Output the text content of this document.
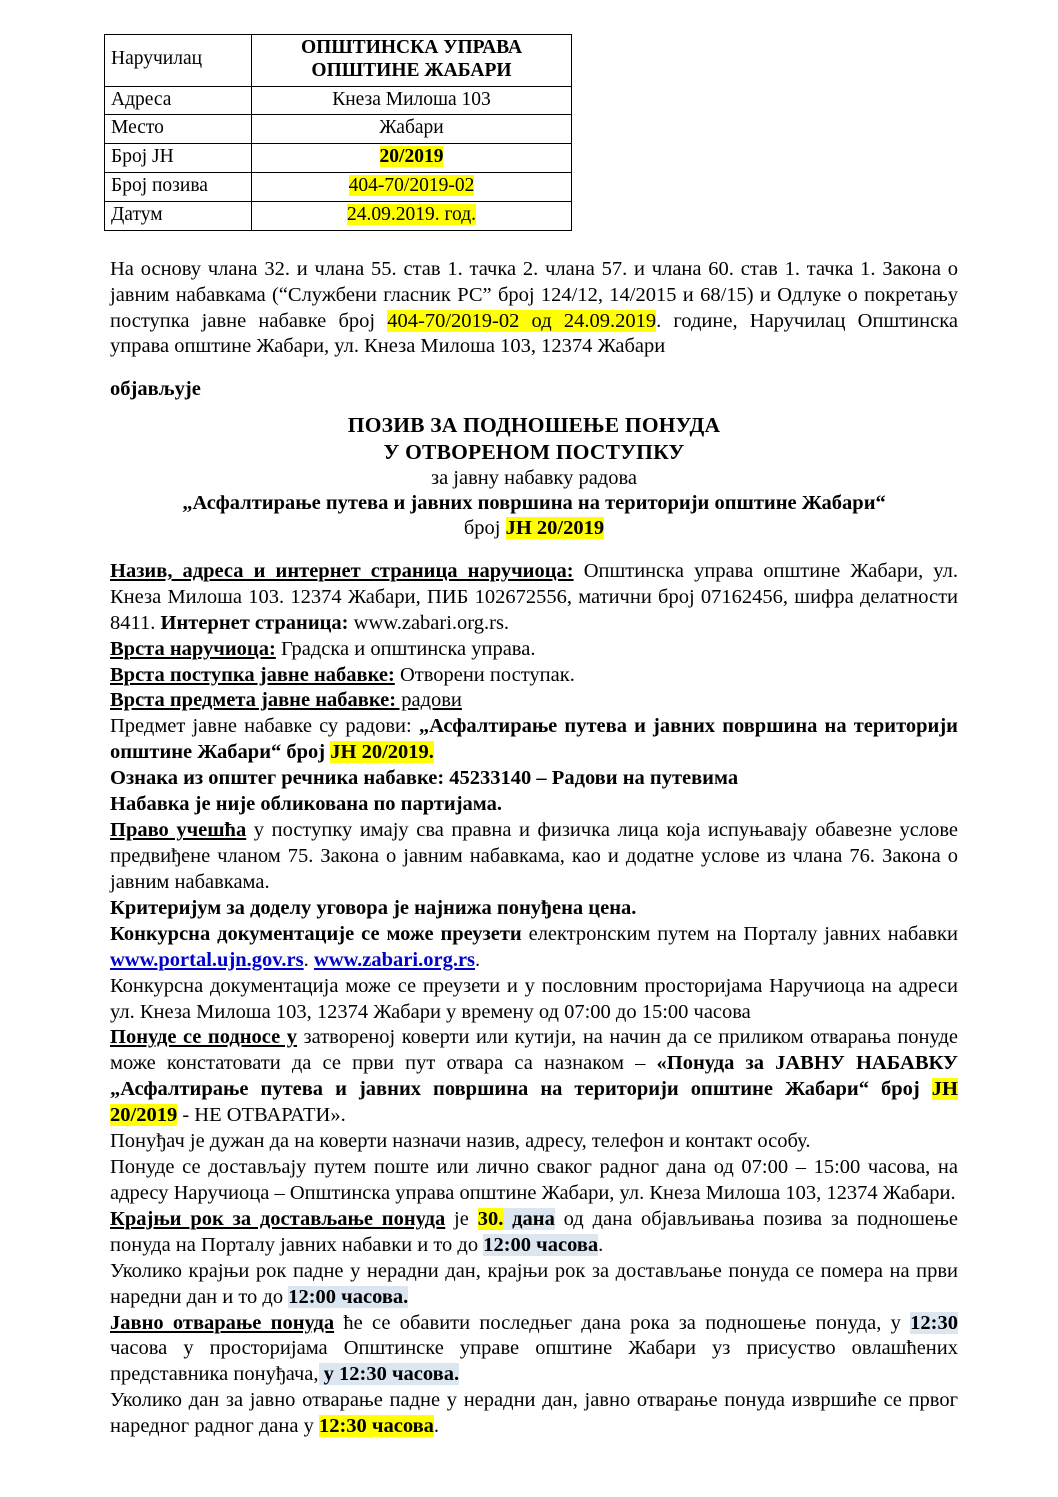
Наручилац	ОПШТИНСКА УПРАВА
ОПШТИНЕ ЖАБАРИ
Адреса	Кнеза Милоша 103
Место	Жабари
Број ЈН	20/2019
Број позива	404-70/2019-02
Датум	24.09.2019. год.

На основу члана 32. и члана 55. став 1. тачка 2. члана 57. и члана 60. став 1. тачка 1. Закона о јавним набавкама (“Службени гласник РС” број 124/12, 14/2015 и 68/15) и Одлуке о покретању поступка јавне набавке број 404-70/2019-02 од 24.09.2019. године, Наручилац Општинска управа општине Жабари, ул. Кнеза Милоша 103, 12374 Жабари

објављује

ПОЗИВ ЗА ПОДНОШЕЊЕ ПОНУДА
У ОТВОРЕНОМ ПОСТУПКУ
за јавну набавку радова
„Асфалтирање путева и јавних површина на територији општине Жабари“
број ЈН 20/2019

Назив, адреса и интернет страница наручиоца: Општинска управа општине Жабари, ул. Кнеза Милоша 103. 12374 Жабари, ПИБ 102672556, матични број 07162456, шифра делатности 8411. Интернет страница: www.zabari.org.rs.

Врста наручиоца: Градска и општинска управа.

Врста поступка јавне набавке: Отворени поступак.

Врста предмета јавне набавке: радови

Предмет јавне набавке су радови: „Асфалтирање путева и јавних површина на територији општине Жабари“ број ЈН 20/2019.

Ознака из општег речника набавке: 45233140 – Радови на путевима

Набавка је није обликована по партијама.

Право учешћа у поступку имају сва правна и физичка лица која испуњавају обавезне услове предвиђене чланом 75. Закона о јавним набавкама, као и додатне услове из члана 76. Закона о јавним набавкама.

Критеријум за доделу уговора је најнижа понуђена цена.

Конкурсна документације се може преузети електронским путем на Порталу јавних набавки www.portal.ujn.gov.rs. www.zabari.org.rs.

Конкурсна документација може се преузети и у пословним просторијама Наручиоца на адреси ул. Кнеза Милоша 103, 12374 Жабари у времену од 07:00 до 15:00 часова

Понуде се подносе у затвореној коверти или кутији, на начин да се приликом отварања понуде може констатовати да се први пут отвара са назнаком – «Понуда за ЈАВНУ НАБАВКУ „Асфалтирање путева и јавних површина на територији општине Жабари“ број ЈН 20/2019 - НЕ ОТВАРАТИ».

Понуђач је дужан да на коверти назначи назив, адресу, телефон и контакт особу.

Понуде се достављају путем поште или лично сваког радног дана од 07:00 – 15:00 часова, на адресу Наручиоца – Општинска управа општине Жабари, ул. Кнеза Милоша 103, 12374 Жабари.

Крајњи рок за достављање понуда је 30. дана од дана објављивања позива за подношење понуда на Порталу јавних набавки и то до 12:00 часова.

Уколико крајњи рок падне у нерадни дан, крајњи рок за достављање понуда се помера на први наредни дан и то до 12:00 часова.

Јавно отварање понуда ће се обавити последњег дана рока за подношење понуда, у 12:30 часова у просторијама Општинске управе општине Жабари уз присуство овлашћених представника понуђача, у 12:30 часова.

Уколико дан за јавно отварање падне у нерадни дан, јавно отварање понуда извршиће се првог наредног радног дана у 12:30 часова.
